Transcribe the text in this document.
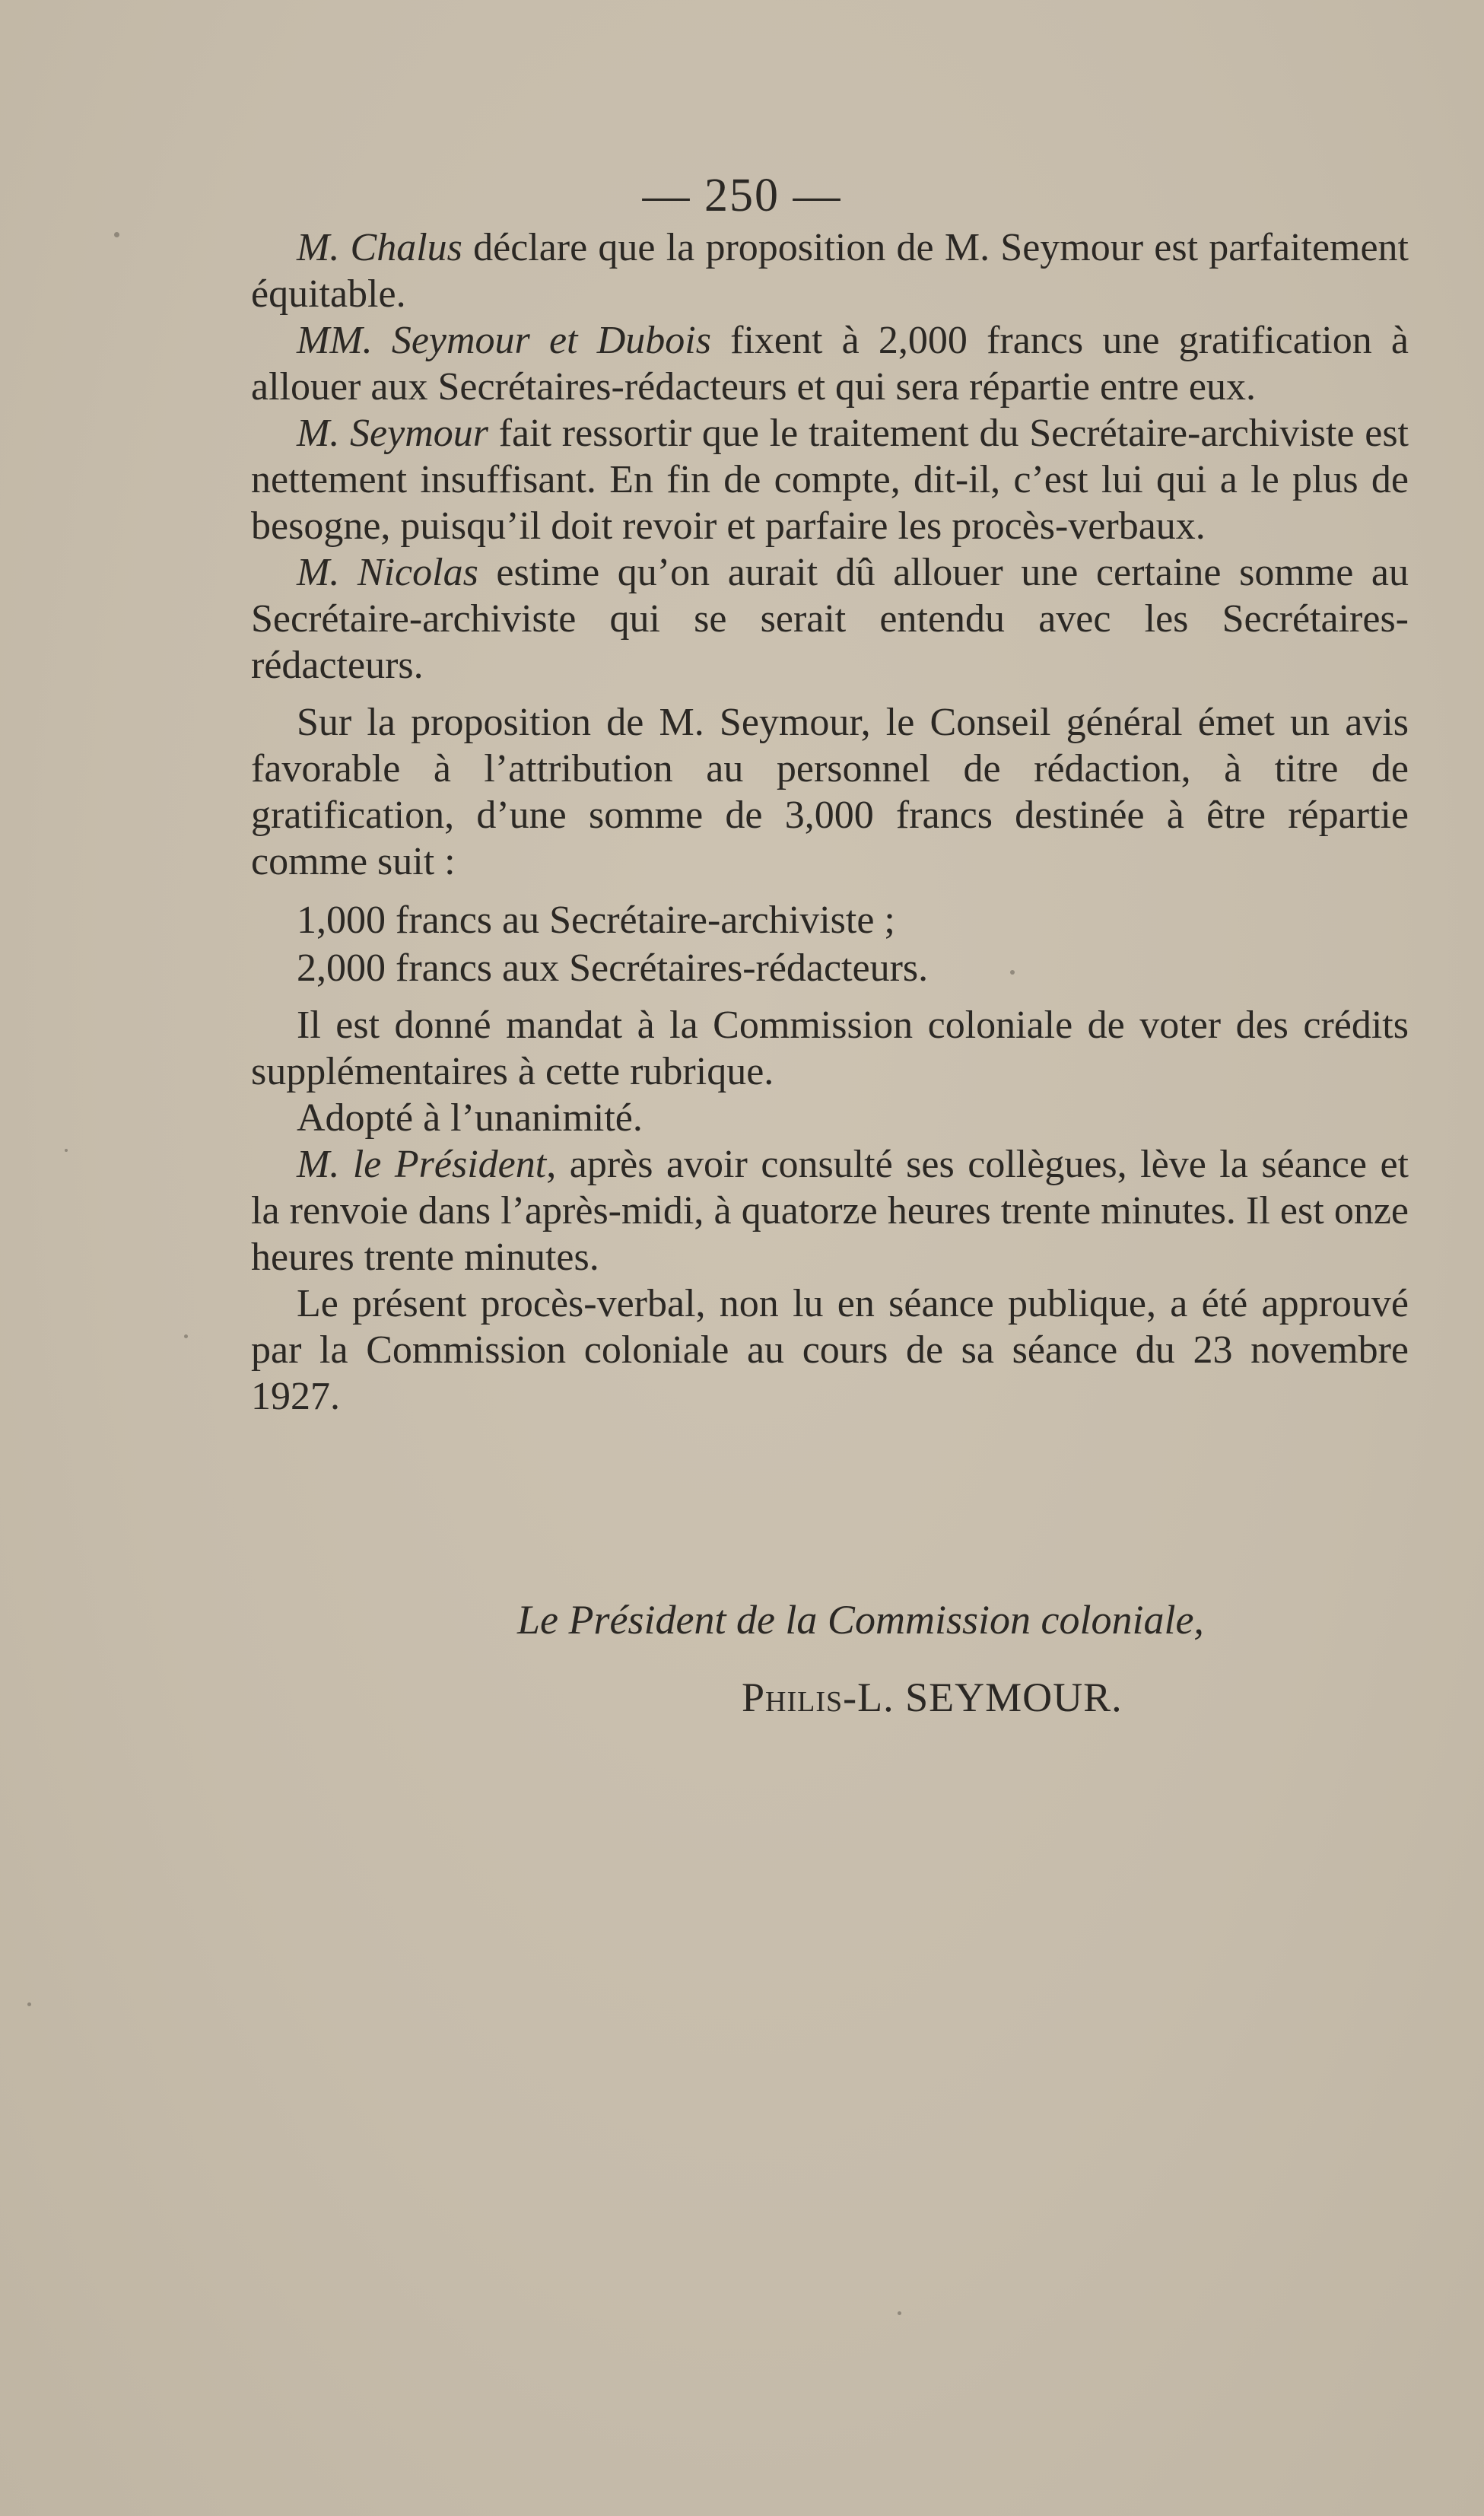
— 250 —

M. Chalus déclare que la proposition de M. Seymour est parfaitement équitable.

MM. Seymour et Dubois fixent à 2,000 francs une gratification à allouer aux Secrétaires-rédacteurs et qui sera répartie entre eux.

M. Seymour fait ressortir que le traitement du Secrétaire-archiviste est nettement insuffisant. En fin de compte, dit-il, c’est lui qui a le plus de besogne, puisqu’il doit revoir et parfaire les procès-verbaux.

M. Nicolas estime qu’on aurait dû allouer une certaine somme au Secrétaire-archiviste qui se serait entendu avec les Secrétaires-rédacteurs.

Sur la proposition de M. Seymour, le Conseil général émet un avis favorable à l’attribution au personnel de rédaction, à titre de gratification, d’une somme de 3,000 francs destinée à être répartie comme suit :

1,000 francs au Secrétaire-archiviste ;

2,000 francs aux Secrétaires-rédacteurs.

Il est donné mandat à la Commission coloniale de voter des crédits supplémentaires à cette rubrique.

Adopté à l’unanimité.

M. le Président, après avoir consulté ses collègues, lève la séance et la renvoie dans l’après-midi, à quatorze heures trente minutes. Il est onze heures trente minutes.

Le présent procès-verbal, non lu en séance publique, a été approuvé par la Commission coloniale au cours de sa séance du 23 novembre 1927.

Le Président de la Commission coloniale,
Philis-L. SEYMOUR.
